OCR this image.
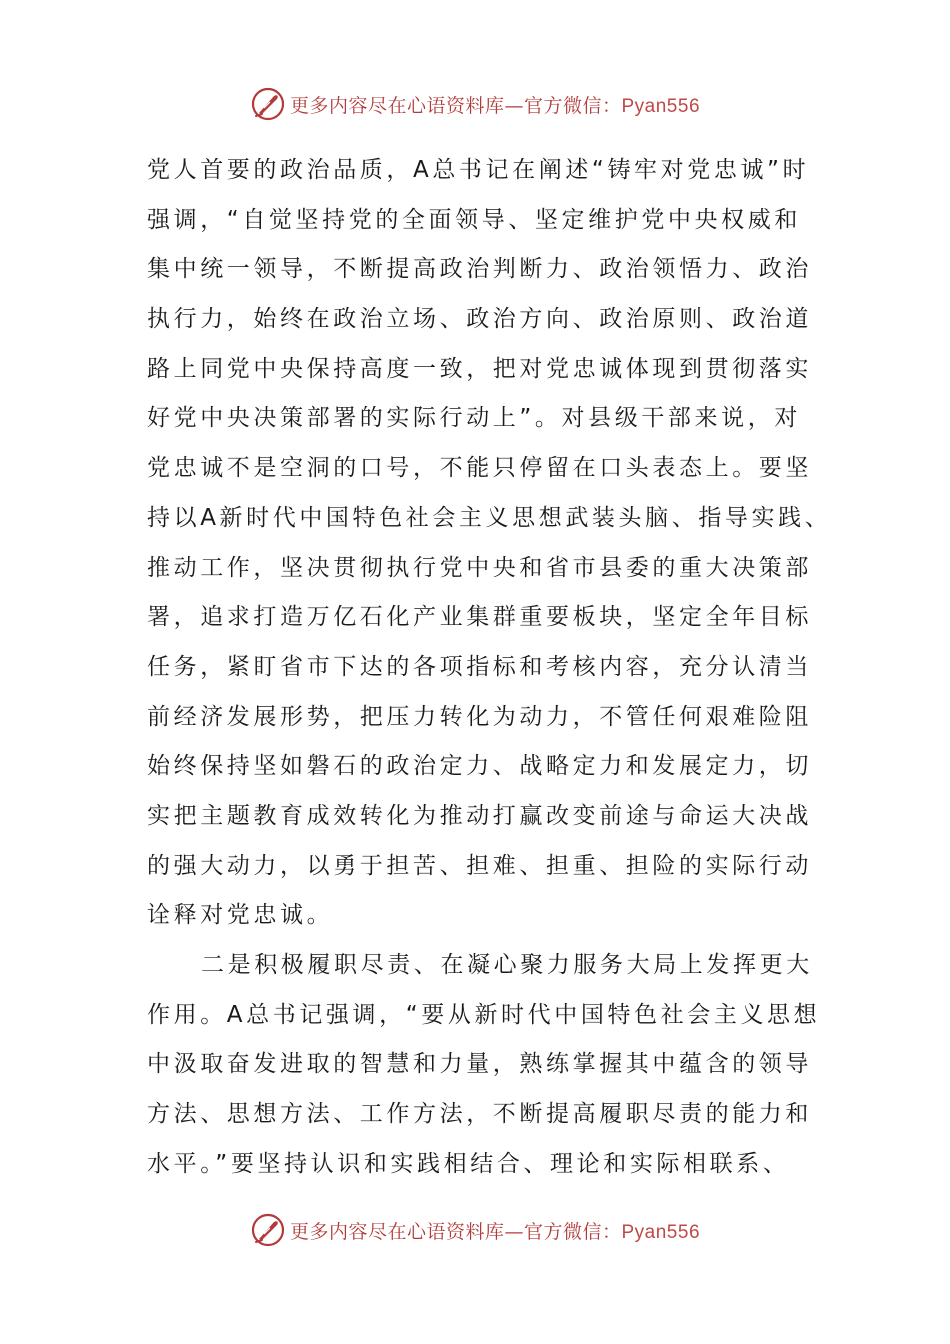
更多内容尽在心语资料库—官方微信：Pyan556
党人首要的政治品质，A总书记在阐述“铸牢对党忠诚”时
强调，“自觉坚持党的全面领导、坚定维护党中央权威和
集中统一领导，不断提高政治判断力、政治领悟力、政治
执行力，始终在政治立场、政治方向、政治原则、政治道
路上同党中央保持高度一致，把对党忠诚体现到贯彻落实
好党中央决策部署的实际行动上”。对县级干部来说，对
党忠诚不是空洞的口号，不能只停留在口头表态上。要坚
持以A新时代中国特色社会主义思想武装头脑、指导实践、
推动工作，坚决贯彻执行党中央和省市县委的重大决策部
署，追求打造万亿石化产业集群重要板块，坚定全年目标
任务，紧盯省市下达的各项指标和考核内容，充分认清当
前经济发展形势，把压力转化为动力，不管任何艰难险阻
始终保持坚如磐石的政治定力、战略定力和发展定力，切
实把主题教育成效转化为推动打赢改变前途与命运大决战
的强大动力，以勇于担苦、担难、担重、担险的实际行动
诠释对党忠诚。
二是积极履职尽责、在凝心聚力服务大局上发挥更大
作用。A总书记强调，“要从新时代中国特色社会主义思想
中汲取奋发进取的智慧和力量，熟练掌握其中蕴含的领导
方法、思想方法、工作方法，不断提高履职尽责的能力和
水平。”要坚持认识和实践相结合、理论和实际相联系、
更多内容尽在心语资料库—官方微信：Pyan556
